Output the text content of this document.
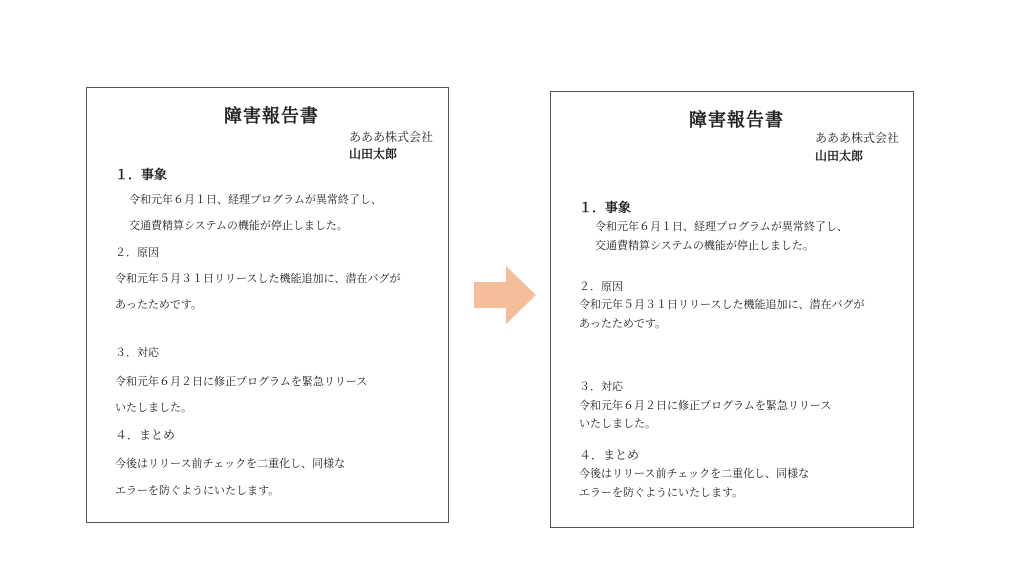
障害報告書
あああ株式会社
山田太郎
１．事象
令和元年６月１日、経理プログラムが異常終了し、
交通費精算システムの機能が停止しました。
２．原因
令和元年５月３１日リリースした機能追加に、潜在バグが
あったためです。
３．対応
令和元年６月２日に修正プログラムを緊急リリース
いたしました。
４．まとめ
今後はリリース前チェックを二重化し、同様な
エラーを防ぐようにいたします。
障害報告書
あああ株式会社
山田太郎
１．事象
令和元年６月１日、経理プログラムが異常終了し、
交通費精算システムの機能が停止しました。
２．原因
令和元年５月３１日リリースした機能追加に、潜在バグが
あったためです。
３．対応
令和元年６月２日に修正プログラムを緊急リリース
いたしました。
４．まとめ
今後はリリース前チェックを二重化し、同様な
エラーを防ぐようにいたします。
